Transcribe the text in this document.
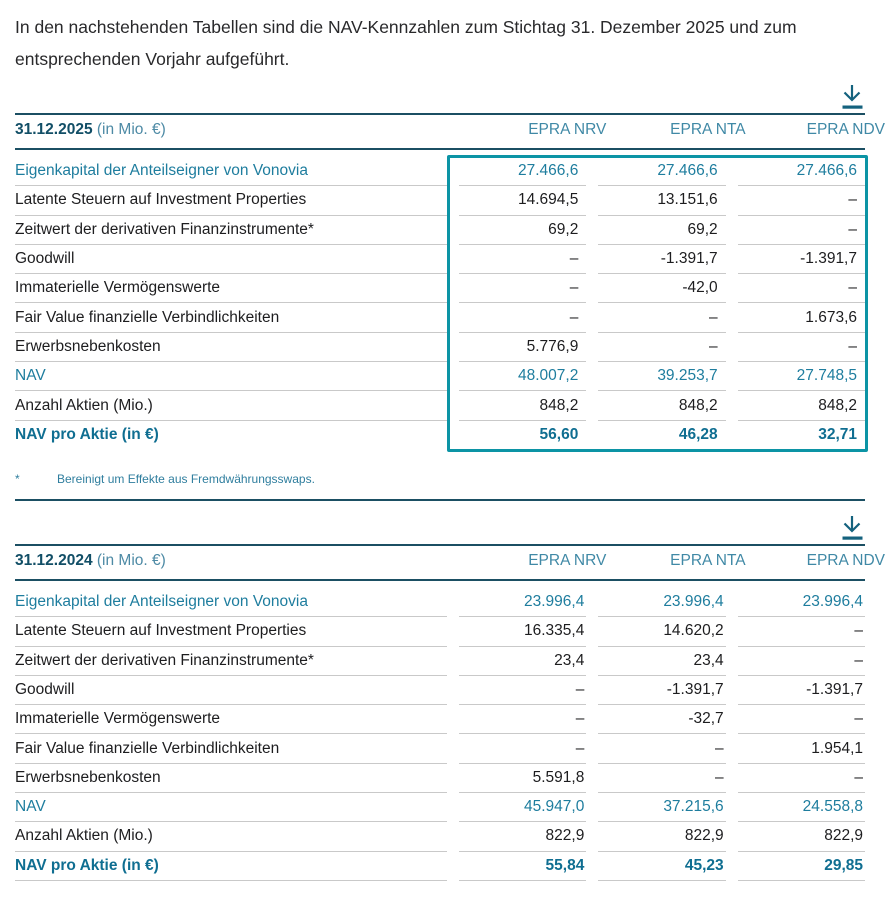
In den nachstehenden Tabellen sind die NAV-Kennzahlen zum Stichtag 31. Dezember 2025 und zum entsprechenden Vorjahr aufgeführt.

31.12.2025 (in Mio. €)	EPRA NRV	EPRA NTA	EPRA NDV
Eigenkapital der Anteilseigner von Vonovia	27.466,6	27.466,6	27.466,6
Latente Steuern auf Investment Properties	14.694,5	13.151,6	–
Zeitwert der derivativen Finanzinstrumente*	69,2	69,2	–
Goodwill	–	-1.391,7	-1.391,7
Immaterielle Vermögenswerte	–	-42,0	–
Fair Value finanzielle Verbindlichkeiten	–	–	1.673,6
Erwerbsnebenkosten	5.776,9	–	–
NAV	48.007,2	39.253,7	27.748,5
Anzahl Aktien (Mio.)	848,2	848,2	848,2
NAV pro Aktie (in €)	56,60	46,28	32,71
*	Bereinigt um Effekte aus Fremdwährungsswaps.
31.12.2024 (in Mio. €)	EPRA NRV	EPRA NTA	EPRA NDV
Eigenkapital der Anteilseigner von Vonovia	23.996,4	23.996,4	23.996,4
Latente Steuern auf Investment Properties	16.335,4	14.620,2	–
Zeitwert der derivativen Finanzinstrumente*	23,4	23,4	–
Goodwill	–	-1.391,7	-1.391,7
Immaterielle Vermögenswerte	–	-32,7	–
Fair Value finanzielle Verbindlichkeiten	–	–	1.954,1
Erwerbsnebenkosten	5.591,8	–	–
NAV	45.947,0	37.215,6	24.558,8
Anzahl Aktien (Mio.)	822,9	822,9	822,9
NAV pro Aktie (in €)	55,84	45,23	29,85
